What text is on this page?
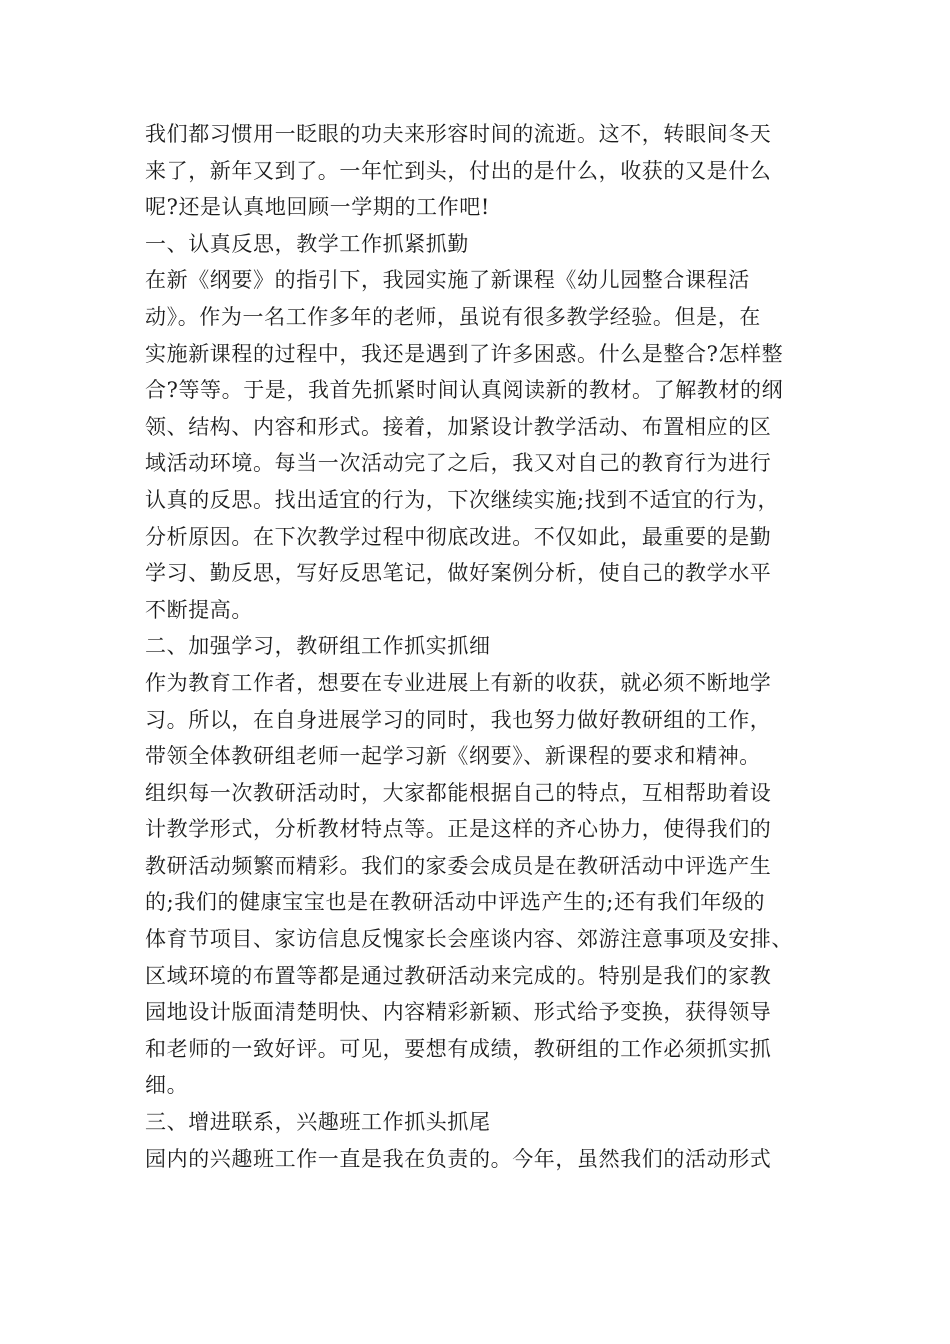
我们都习惯用一眨眼的功夫来形容时间的流逝。这不，转眼间冬天
来了，新年又到了。一年忙到头，付出的是什么，收获的又是什么
呢?还是认真地回顾一学期的工作吧!
一、认真反思，教学工作抓紧抓勤
在新《纲要》的指引下，我园实施了新课程《幼儿园整合课程活
动》。作为一名工作多年的老师，虽说有很多教学经验。但是，在
实施新课程的过程中，我还是遇到了许多困惑。什么是整合?怎样整
合?等等。于是，我首先抓紧时间认真阅读新的教材。了解教材的纲
领、结构、内容和形式。接着，加紧设计教学活动、布置相应的区
域活动环境。每当一次活动完了之后，我又对自己的教育行为进行
认真的反思。找出适宜的行为，下次继续实施;找到不适宜的行为，
分析原因。在下次教学过程中彻底改进。不仅如此，最重要的是勤
学习、勤反思，写好反思笔记，做好案例分析，使自己的教学水平
不断提高。
二、加强学习，教研组工作抓实抓细
作为教育工作者，想要在专业进展上有新的收获，就必须不断地学
习。所以，在自身进展学习的同时，我也努力做好教研组的工作，
带领全体教研组老师一起学习新《纲要》、新课程的要求和精神。
组织每一次教研活动时，大家都能根据自己的特点，互相帮助着设
计教学形式，分析教材特点等。正是这样的齐心协力，使得我们的
教研活动频繁而精彩。我们的家委会成员是在教研活动中评选产生
的;我们的健康宝宝也是在教研活动中评选产生的;还有我们年级的
体育节项目、家访信息反愧家长会座谈内容、郊游注意事项及安排、
区域环境的布置等都是通过教研活动来完成的。特别是我们的家教
园地设计版面清楚明快、内容精彩新颖、形式给予变换，获得领导
和老师的一致好评。可见，要想有成绩，教研组的工作必须抓实抓
细。
三、增进联系，兴趣班工作抓头抓尾
园内的兴趣班工作一直是我在负责的。今年，虽然我们的活动形式
